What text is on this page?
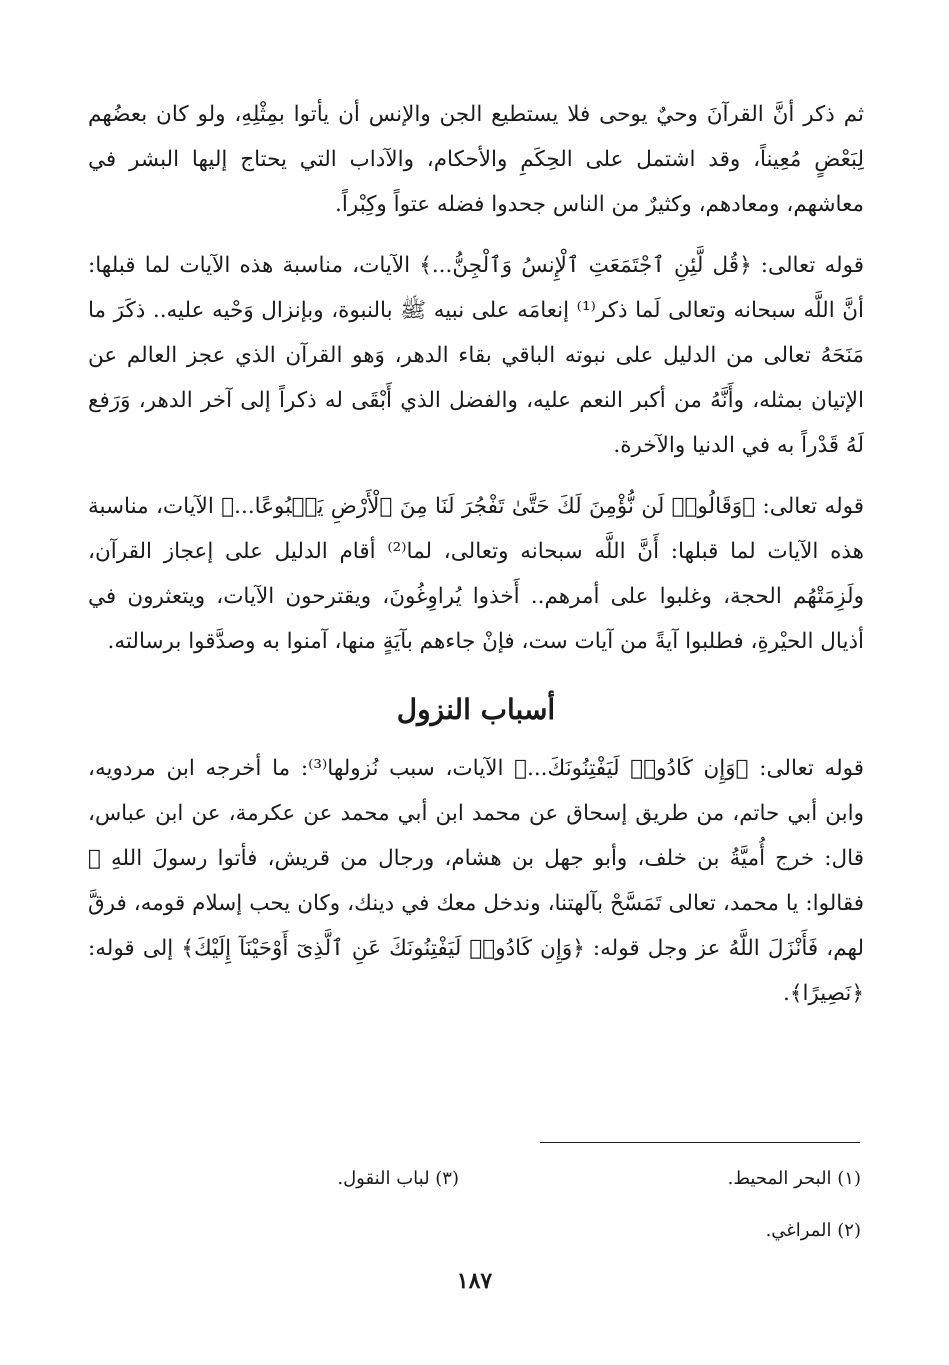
ثم ذكر أنَّ القرآنَ وحيٌ يوحى فلا يستطيع الجن والإنس أن يأتوا بمِثْلِهِ، ولو كان بعضُهم لِبَعْضٍ مُعِيناً، وقد اشتمل على الحِكَمِ والأحكام، والآداب التي يحتاج إليها البشر في معاشهم، ومعادهم، وكثيرٌ من الناس جحدوا فضله عتواً وكِبْراً.

قوله تعالى: ﴿قُل لَّئِنِ ٱجْتَمَعَتِ ٱلْإِنسُ وَٱلْجِنُّ...﴾ الآيات، مناسبة هذه الآيات لما قبلها: أنَّ اللَّه سبحانه وتعالى لَما ذكر⁽¹⁾ إنعامَه على نبيه ﷺ بالنبوة، وبإنزال وَحْيه عليه.. ذكَرَ ما مَنَحَهُ تعالى من الدليل على نبوته الباقي بقاء الدهر، وَهو القرآن الذي عجز العالم عن الإتيان بمثله، وأَنَّهُ من أكبر النعم عليه، والفضل الذي أَبْقَى له ذكراً إلى آخر الدهر، وَرَفع لَهُ قَدْراً به في الدنيا والآخرة.

قوله تعالى: ﴿وَقَالُوا۟ لَن نُّؤْمِنَ لَكَ حَتَّىٰ تَفْجُرَ لَنَا مِنَ ٱلْأَرْضِ يَنۢبُوعًا...﴾ الآيات، مناسبة هذه الآيات لما قبلها: أَنَّ اللَّه سبحانه وتعالى، لما⁽²⁾ أقام الدليل على إعجاز القرآن، ولَزِمَتْهُم الحجة، وغلبوا على أمرهم.. أَخذوا يُراوِغُونَ، ويقترحون الآيات، ويتعثرون في أذيال الحيْرةِ، فطلبوا آيةً من آيات ست، فإنْ جاءهم بآيَةٍ منها، آمنوا به وصدَّقوا برسالته.

أسباب النزول

قوله تعالى: ﴿وَإِن كَادُوا۟ لَيَفْتِنُونَكَ...﴾ الآيات، سبب نُزولها⁽³⁾: ما أخرجه ابن مردويه، وابن أبي حاتم، من طريق إسحاق عن محمد ابن أبي محمد عن عكرمة، عن ابن عباس، قال: خرج أُميَّةُ بن خلف، وأبو جهل بن هشام، ورجال من قريش، فأتوا رسولَ اللهِ ﷺ فقالوا: يا محمد، تعالى تَمَسَّحْ بآلهتنا، وندخل معك في دينك، وكان يحب إسلام قومه، فرقَّ لهم، فَأَنْزَلَ اللَّهُ عز وجل قوله: ﴿وَإِن كَادُوا۟ لَيَفْتِنُونَكَ عَنِ ٱلَّذِىٓ أَوْحَيْنَآ إِلَيْكَ﴾ إلى قوله: ﴿نَصِيرًا﴾.

(١) البحر المحيط.
(٣) لباب النقول.
(٢) المراغي.
١٨٧
